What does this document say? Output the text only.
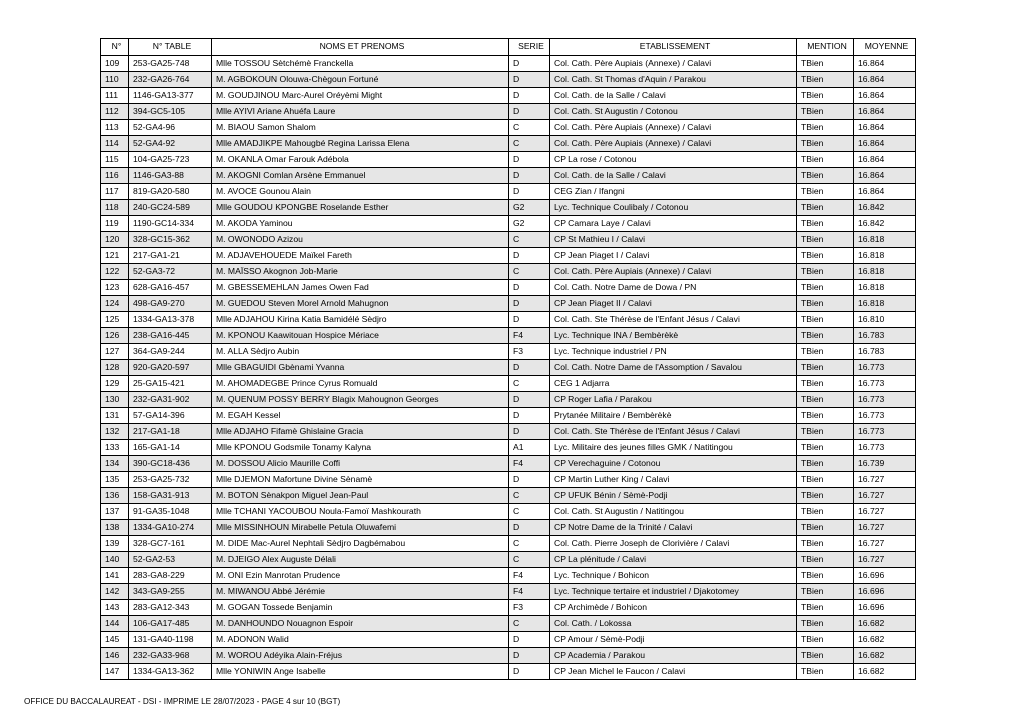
N°	N° TABLE	NOMS ET PRENOMS	SERIE	ETABLISSEMENT	MENTION	MOYENNE
109	253-GA25-748	Mlle TOSSOU Sètchémè Franckella	D	Col. Cath. Père Aupiais (Annexe) / Calavi	TBien	16.864
110	232-GA26-764	M. AGBOKOUN Olouwa-Chègoun Fortuné	D	Col. Cath. St Thomas d'Aquin / Parakou	TBien	16.864
111	1146-GA13-377	M. GOUDJINOU Marc-Aurel Oréyèmi Might	D	Col. Cath. de la Salle / Calavi	TBien	16.864
112	394-GC5-105	Mlle AYIVI Ariane Ahuéfa Laure	D	Col. Cath. St Augustin / Cotonou	TBien	16.864
113	52-GA4-96	M. BIAOU Samon Shalom	C	Col. Cath. Père Aupiais (Annexe) / Calavi	TBien	16.864
114	52-GA4-92	Mlle AMADJIKPE Mahougbé Regina Larissa Elena	C	Col. Cath. Père Aupiais (Annexe) / Calavi	TBien	16.864
115	104-GA25-723	M. OKANLA Omar Farouk Adébola	D	CP La rose / Cotonou	TBien	16.864
116	1146-GA3-88	M. AKOGNI Comlan Arsène Emmanuel	D	Col. Cath. de la Salle / Calavi	TBien	16.864
117	819-GA20-580	M. AVOCE Gounou Alain	D	CEG Zian / Ifangni	TBien	16.864
118	240-GC24-589	Mlle GOUDOU KPONGBE Roselande Esther	G2	Lyc. Technique Coulibaly / Cotonou	TBien	16.842
119	1190-GC14-334	M. AKODA Yaminou	G2	CP Camara Laye / Calavi	TBien	16.842
120	328-GC15-362	M. OWONODO Azizou	C	CP St Mathieu I / Calavi	TBien	16.818
121	217-GA1-21	M. ADJAVEHOUEDE Maïkel Fareth	D	CP Jean Piaget I / Calavi	TBien	16.818
122	52-GA3-72	M. MAÏSSO Akognon Job-Marie	C	Col. Cath. Père Aupiais (Annexe) / Calavi	TBien	16.818
123	628-GA16-457	M. GBESSEMEHLAN James Owen Fad	D	Col. Cath. Notre Dame de Dowa / PN	TBien	16.818
124	498-GA9-270	M. GUEDOU Steven Morel Arnold Mahugnon	D	CP Jean Piaget II / Calavi	TBien	16.818
125	1334-GA13-378	Mlle ADJAHOU Kirina Katia Bamidélé Sèdjro	D	Col. Cath. Ste Thérèse de l'Enfant Jésus / Calavi	TBien	16.810
126	238-GA16-445	M. KPONOU Kaawitouan Hospice Mériace	F4	Lyc. Technique INA / Bembèrèkè	TBien	16.783
127	364-GA9-244	M. ALLA Sèdjro Aubin	F3	Lyc. Technique industriel / PN	TBien	16.783
128	920-GA20-597	Mlle GBAGUIDI Gbènami Yvanna	D	Col. Cath. Notre Dame de l'Assomption / Savalou	TBien	16.773
129	25-GA15-421	M. AHOMADEGBE Prince Cyrus Romuald	C	CEG 1 Adjarra	TBien	16.773
130	232-GA31-902	M. QUENUM POSSY BERRY Blagix Mahougnon Georges	D	CP Roger Lafia / Parakou	TBien	16.773
131	57-GA14-396	M. EGAH Kessel	D	Prytanée Militaire / Bembèrèkè	TBien	16.773
132	217-GA1-18	Mlle ADJAHO Fifamè Ghislaine Gracia	D	Col. Cath. Ste Thérèse de l'Enfant Jésus / Calavi	TBien	16.773
133	165-GA1-14	Mlle KPONOU Godsmile Tonamy Kalyna	A1	Lyc. Militaire des jeunes filles GMK / Natitingou	TBien	16.773
134	390-GC18-436	M. DOSSOU Alicio Maurille Coffi	F4	CP Verechaguine / Cotonou	TBien	16.739
135	253-GA25-732	Mlle DJEMON Mafortune Divine Sènamè	D	CP Martin Luther King / Calavi	TBien	16.727
136	158-GA31-913	M. BOTON Sènakpon Miguel Jean-Paul	C	CP UFUK Bénin / Sèmè-Podji	TBien	16.727
137	91-GA35-1048	Mlle TCHANI YACOUBOU Noula-Famoï Mashkourath	C	Col. Cath. St Augustin / Natitingou	TBien	16.727
138	1334-GA10-274	Mlle MISSINHOUN Mirabelle Petula Oluwafemi	D	CP Notre Dame de la Trinité / Calavi	TBien	16.727
139	328-GC7-161	M. DIDE Mac-Aurel Nephtali Sèdjro Dagbémabou	C	Col. Cath. Pierre Joseph de Clorivière / Calavi	TBien	16.727
140	52-GA2-53	M. DJEIGO Alex Auguste Délali	C	CP La plénitude / Calavi	TBien	16.727
141	283-GA8-229	M. ONI Ezin Manrotan Prudence	F4	Lyc. Technique / Bohicon	TBien	16.696
142	343-GA9-255	M. MIWANOU Abbé Jérémie	F4	Lyc. Technique tertaire et industriel / Djakotomey	TBien	16.696
143	283-GA12-343	M. GOGAN Tossede Benjamin	F3	CP Archimède / Bohicon	TBien	16.696
144	106-GA17-485	M. DANHOUNDO Nouagnon Espoir	C	Col. Cath. / Lokossa	TBien	16.682
145	131-GA40-1198	M. ADONON Walid	D	CP Amour / Sèmè-Podji	TBien	16.682
146	232-GA33-968	M. WOROU Adéyika Alain-Fréjus	D	CP Academia / Parakou	TBien	16.682
147	1334-GA13-362	Mlle YONIWIN Ange Isabelle	D	CP Jean Michel le Faucon / Calavi	TBien	16.682
OFFICE DU BACCALAUREAT - DSI - IMPRIME LE 28/07/2023 - PAGE 4 sur 10 (BGT)
